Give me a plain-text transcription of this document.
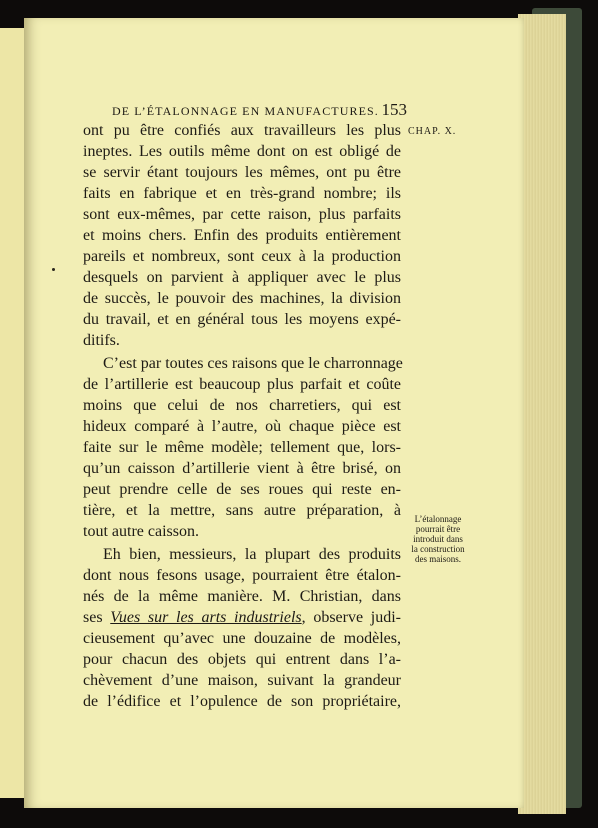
DE L’ÉTALONNAGE EN MANUFACTURES. 153
CHAP. X.
ont pu être confiés aux travailleurs les plus
ineptes. Les outils même dont on est obligé de
se servir étant toujours les mêmes, ont pu être
faits en fabrique et en très-grand nombre; ils
sont eux-mêmes, par cette raison, plus parfaits
et moins chers. Enfin des produits entièrement
pareils et nombreux, sont ceux à la production
desquels on parvient à appliquer avec le plus
de succès, le pouvoir des machines, la division
du travail, et en général tous les moyens expé-
ditifs.
C’est par toutes ces raisons que le charronnage
de l’artillerie est beaucoup plus parfait et coûte
moins que celui de nos charretiers, qui est
hideux comparé à l’autre, où chaque pièce est
faite sur le même modèle; tellement que, lors-
qu’un caisson d’artillerie vient à être brisé, on
peut prendre celle de ses roues qui reste en-
tière, et la mettre, sans autre préparation, à
tout autre caisson.
Eh bien, messieurs, la plupart des produits
dont nous fesons usage, pourraient être étalon-
nés de la même manière. M. Christian, dans
ses Vues sur les arts industriels, observe judi-
cieusement qu’avec une douzaine de modèles,
pour chacun des objets qui entrent dans l’a-
chèvement d’une maison, suivant la grandeur
de l’édifice et l’opulence de son propriétaire,
L’étalonnage
pourrait être
introduit dans
la construction
des maisons.
